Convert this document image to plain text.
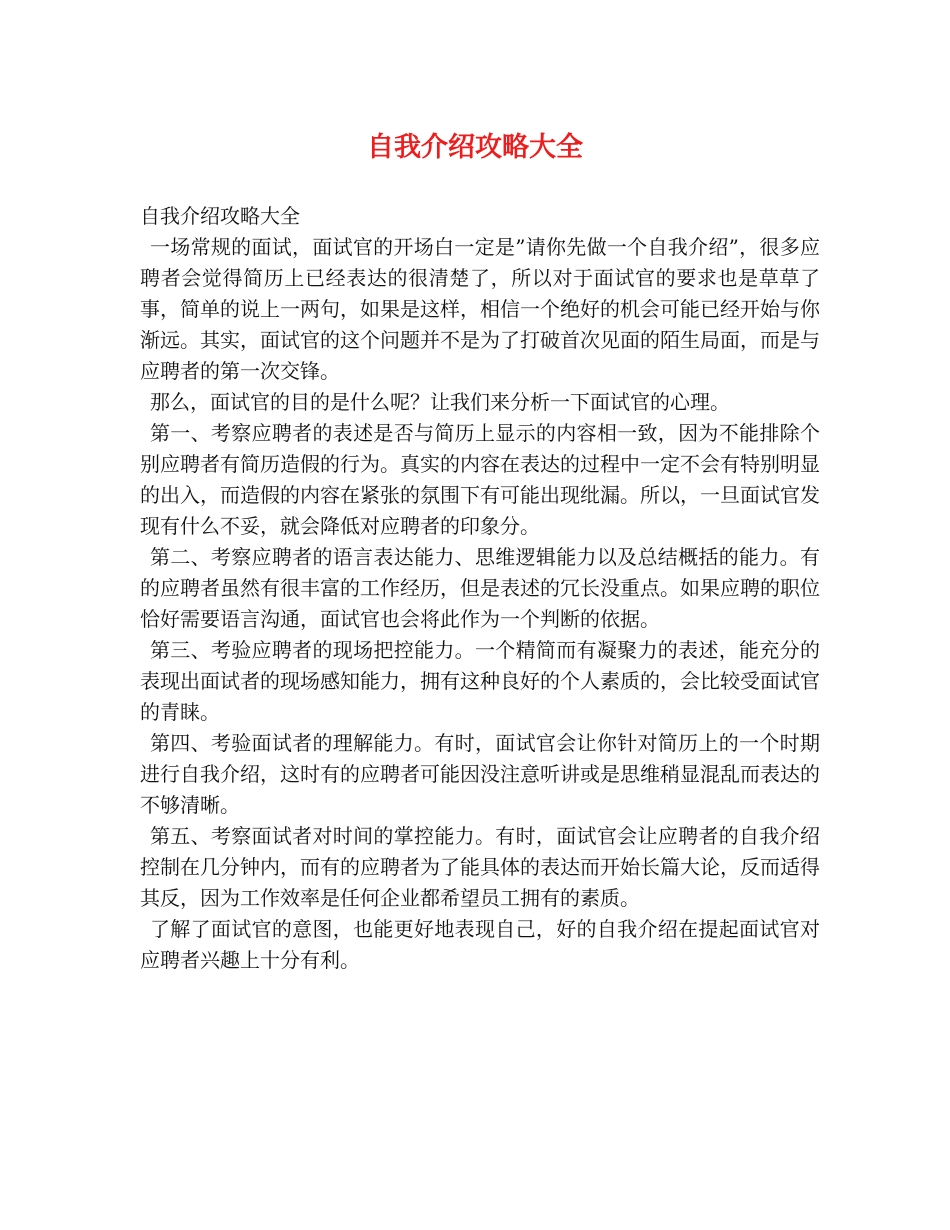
自我介绍攻略大全

自我介绍攻略大全

一场常规的面试，面试官的开场白一定是”请你先做一个自我介绍”，很多应聘者会觉得简历上已经表达的很清楚了，所以对于面试官的要求也是草草了事，简单的说上一两句，如果是这样，相信一个绝好的机会可能已经开始与你渐远。其实，面试官的这个问题并不是为了打破首次见面的陌生局面，而是与应聘者的第一次交锋。

那么，面试官的目的是什么呢？让我们来分析一下面试官的心理。

第一、考察应聘者的表述是否与简历上显示的内容相一致，因为不能排除个别应聘者有简历造假的行为。真实的内容在表达的过程中一定不会有特别明显的出入，而造假的内容在紧张的氛围下有可能出现纰漏。所以，一旦面试官发现有什么不妥，就会降低对应聘者的印象分。

第二、考察应聘者的语言表达能力、思维逻辑能力以及总结概括的能力。有的应聘者虽然有很丰富的工作经历，但是表述的冗长没重点。如果应聘的职位恰好需要语言沟通，面试官也会将此作为一个判断的依据。

第三、考验应聘者的现场把控能力。一个精简而有凝聚力的表述，能充分的表现出面试者的现场感知能力，拥有这种良好的个人素质的，会比较受面试官的青睐。

第四、考验面试者的理解能力。有时，面试官会让你针对简历上的一个时期进行自我介绍，这时有的应聘者可能因没注意听讲或是思维稍显混乱而表达的不够清晰。

第五、考察面试者对时间的掌控能力。有时，面试官会让应聘者的自我介绍控制在几分钟内，而有的应聘者为了能具体的表达而开始长篇大论，反而适得其反，因为工作效率是任何企业都希望员工拥有的素质。

了解了面试官的意图，也能更好地表现自己，好的自我介绍在提起面试官对应聘者兴趣上十分有利。
